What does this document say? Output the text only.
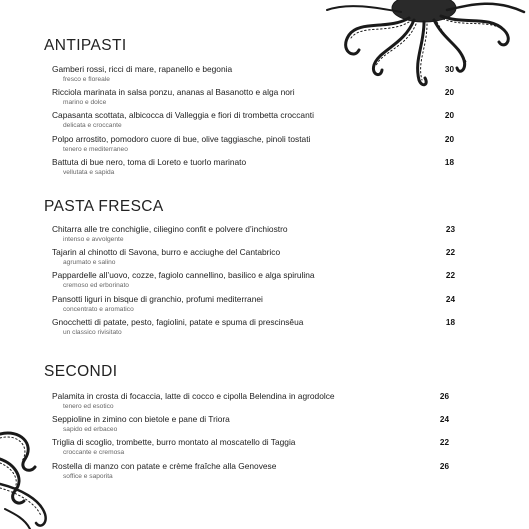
ANTIPASTI
Gamberi rossi, ricci di mare, rapanello e begonia
fresco e floreale
30
Ricciola marinata in salsa ponzu, ananas al Basanotto e alga nori
marino e dolce
20
Capasanta scottata, albicocca di Valleggia e fiori di trombetta croccanti
delicata e croccante
20
Polpo arrostito, pomodoro cuore di bue, olive taggiasche, pinoli tostati
tenero e mediterraneo
20
Battuta di bue nero, toma di Loreto e tuorlo marinato
vellutata e sapida
18
PASTA FRESCA
Chitarra alle tre conchiglie, ciliegino confit e polvere d’inchiostro
intenso e avvolgente
23
Tajarin al chinotto di Savona, burro e acciughe del Cantabrico
agrumato e salino
22
Pappardelle all’uovo, cozze, fagiolo cannellino, basilico e alga spirulina
cremoso ed erborinato
22
Pansotti liguri in bisque di granchio, profumi mediterranei
concentrato e aromatico
24
Gnocchetti di patate, pesto, fagiolini, patate e spuma di prescinsêua
un classico rivisitato
18
SECONDI
Palamita in crosta di focaccia, latte di cocco e cipolla Belendina in agrodolce
tenero ed esotico
26
Seppioline in zimino con bietole e pane di Triora
sapido ed erbaceo
24
Triglia di scoglio, trombette, burro montato al moscatello di Taggia
croccante e cremosa
22
Rostella di manzo con patate e crème fraîche alla Genovese
soffice e saporita
26
